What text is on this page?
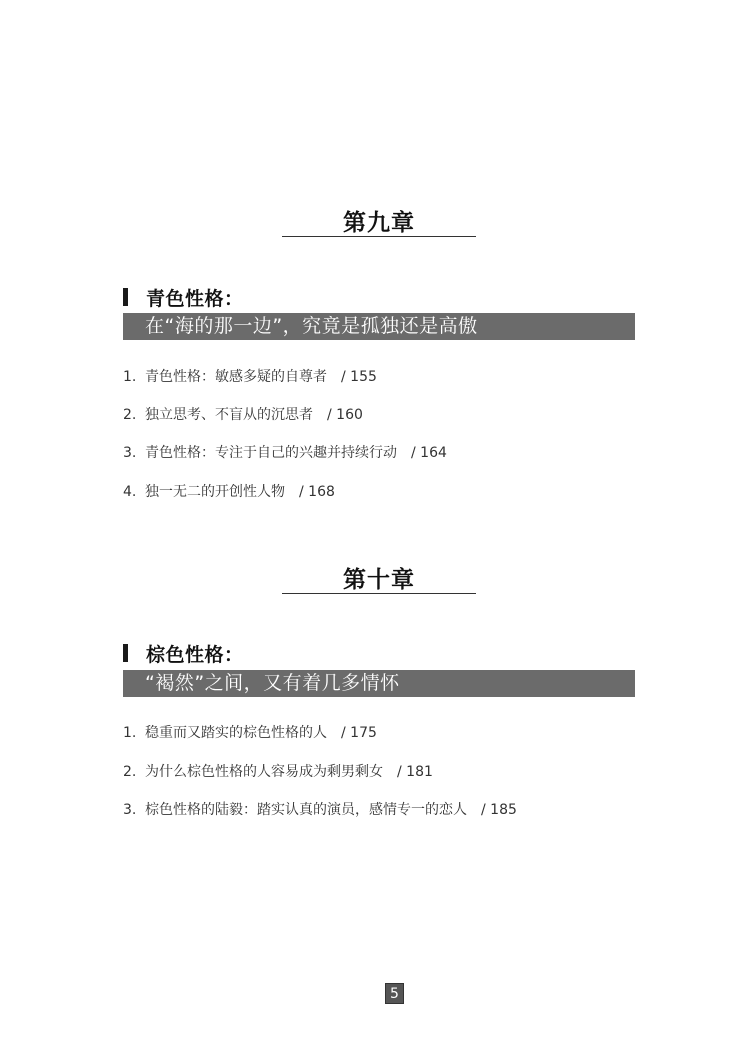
第九章
青色性格：
在“海的那一边”，究竟是孤独还是高傲
1. 青色性格：敏感多疑的自尊者 / 155
2. 独立思考、不盲从的沉思者 / 160
3. 青色性格：专注于自己的兴趣并持续行动 / 164
4. 独一无二的开创性人物 / 168
第十章
棕色性格：
“褐然”之间，又有着几多情怀
1. 稳重而又踏实的棕色性格的人 / 175
2. 为什么棕色性格的人容易成为剩男剩女 / 181
3. 棕色性格的陆毅：踏实认真的演员，感情专一的恋人 / 185
5
